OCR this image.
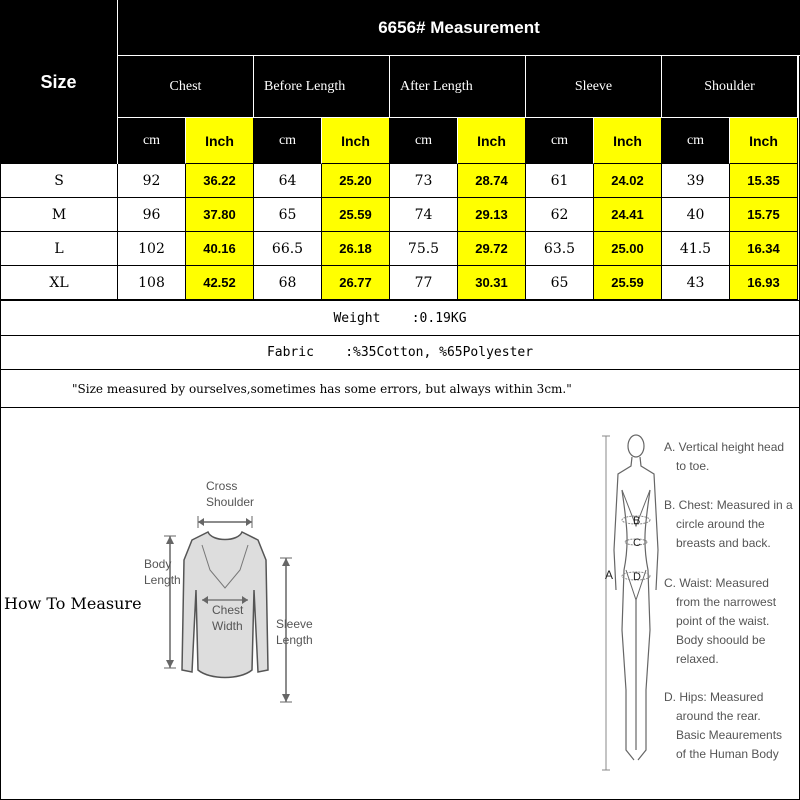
Size
6656# Measurement
Chest	Before Length	After Length	Sleeve	Shoulder
cm	Inch	cm	Inch	cm	Inch	cm	Inch	cm	Inch
S	92	36.22	64	25.20	73	28.74	61	24.02	39	15.35
M	96	37.80	65	25.59	74	29.13	62	24.41	40	15.75
L	102	40.16	66.5	26.18	75.5	29.72	63.5	25.00	41.5	16.34
XL	108	42.52	68	26.77	77	30.31	65	25.59	43	16.93
Weight    :0.19KG
Fabric    :%35Cotton, %65Polyester
"Size measured by ourselves,sometimes has some errors, but always within 3cm."
How To Measure
Cross
Shoulder
Body
Length
Chest
Width	Sleeve
Length
B
C
D
A
A. Vertical height head
to toe.
B. Chest: Measured in a
circle around the
breasts and back.
C. Waist: Measured
from the narrowest
point of the waist.
Body shoould be
relaxed.
D. Hips: Measured
around the rear.
Basic Meaurements
of the Human Body
